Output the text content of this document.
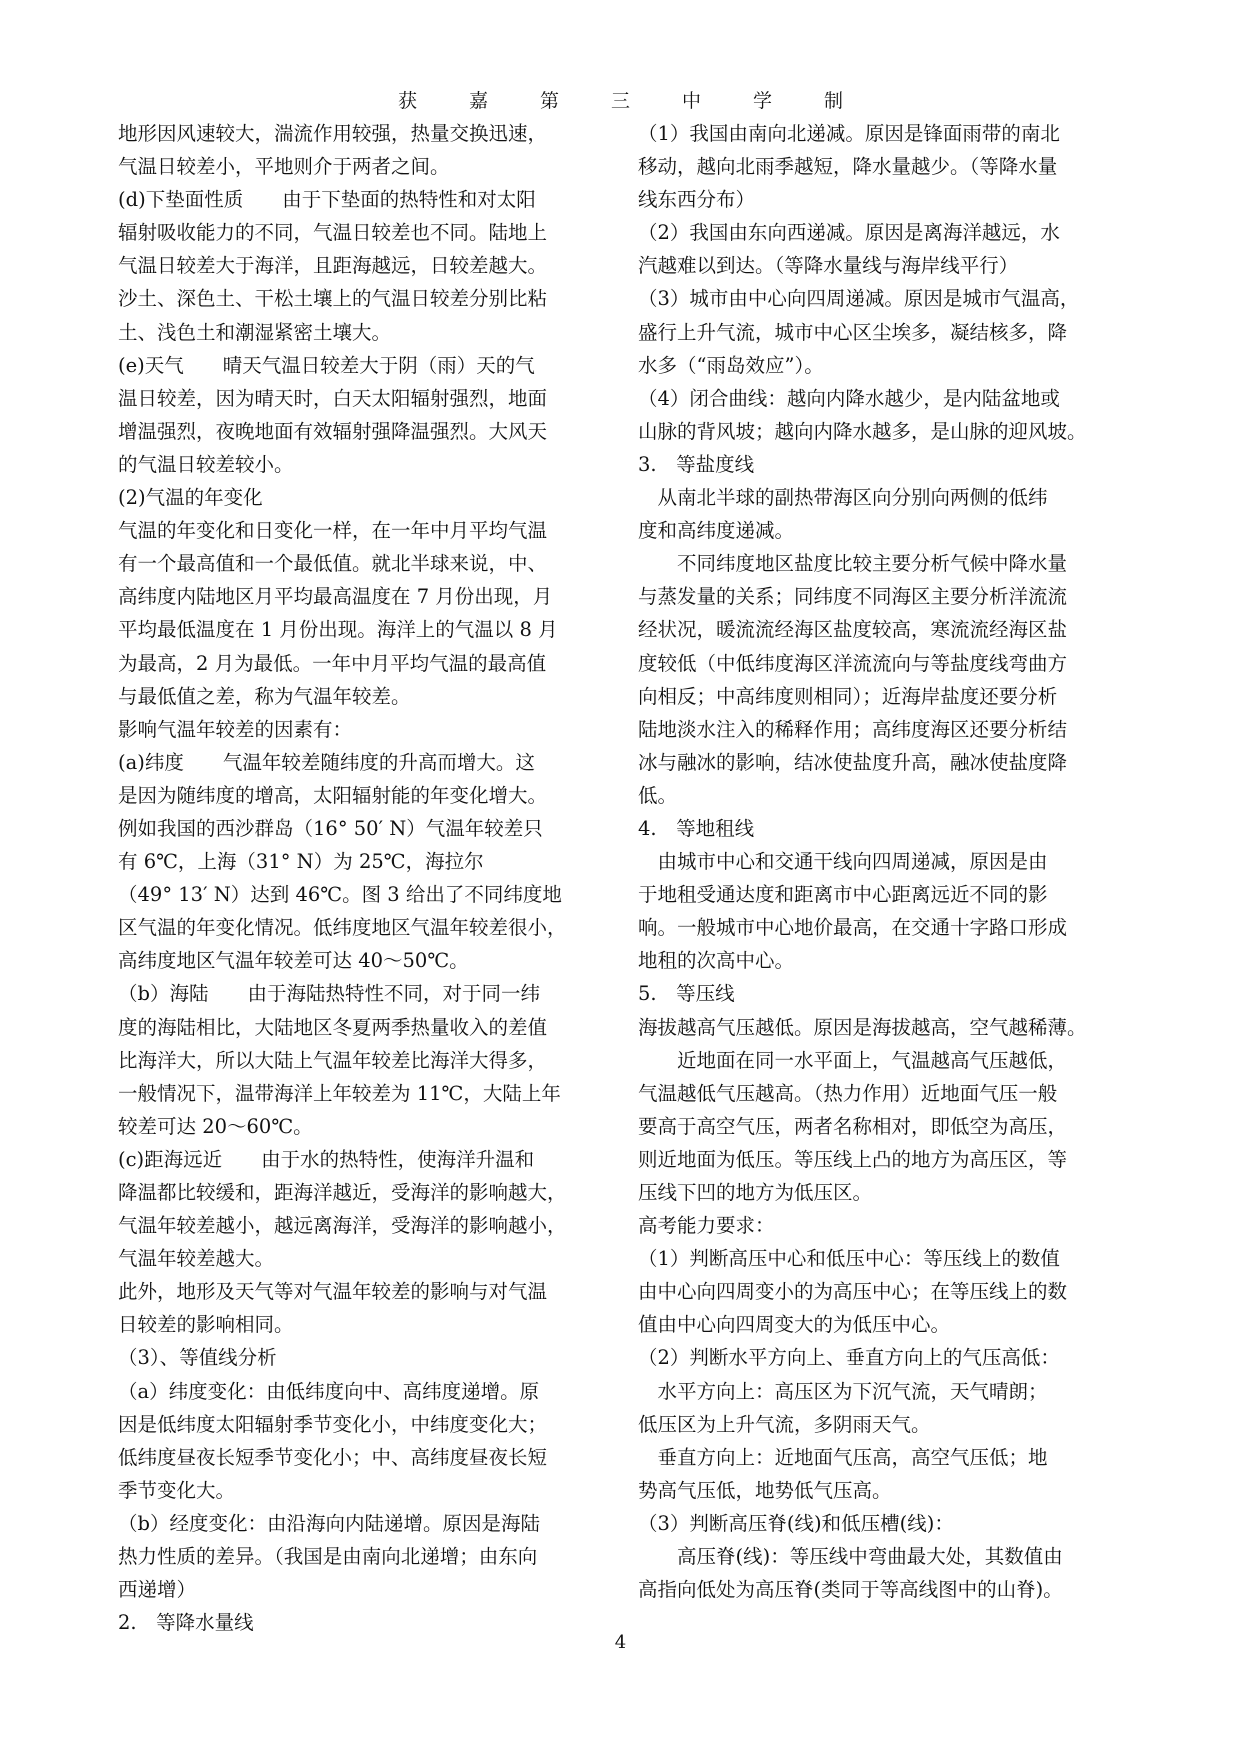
获嘉第三中学制

地形因风速较大，湍流作用较强，热量交换迅速，

气温日较差小，平地则介于两者之间。

(d)下垫面性质　　由于下垫面的热特性和对太阳

辐射吸收能力的不同，气温日较差也不同。陆地上

气温日较差大于海洋，且距海越远，日较差越大。

沙土、深色土、干松土壤上的气温日较差分别比粘

土、浅色土和潮湿紧密土壤大。

(e)天气　　晴天气温日较差大于阴（雨）天的气

温日较差，因为晴天时，白天太阳辐射强烈，地面

增温强烈，夜晚地面有效辐射强降温强烈。大风天

的气温日较差较小。

(2)气温的年变化

气温的年变化和日变化一样，在一年中月平均气温

有一个最高值和一个最低值。就北半球来说，中、

高纬度内陆地区月平均最高温度在 7 月份出现，月

平均最低温度在 1 月份出现。海洋上的气温以 8 月

为最高，2 月为最低。一年中月平均气温的最高值

与最低值之差，称为气温年较差。

影响气温年较差的因素有：

(a)纬度　　气温年较差随纬度的升高而增大。这

是因为随纬度的增高，太阳辐射能的年变化增大。

例如我国的西沙群岛（16° 50′ N）气温年较差只

有 6℃，上海（31° N）为 25℃，海拉尔

（49° 13′ N）达到 46℃。图 3 给出了不同纬度地

区气温的年变化情况。低纬度地区气温年较差很小，

高纬度地区气温年较差可达 40～50℃。

（b）海陆　　由于海陆热特性不同，对于同一纬

度的海陆相比，大陆地区冬夏两季热量收入的差值

比海洋大，所以大陆上气温年较差比海洋大得多，

一般情况下，温带海洋上年较差为 11℃，大陆上年

较差可达 20～60℃。

(c)距海远近　　由于水的热特性，使海洋升温和

降温都比较缓和，距海洋越近，受海洋的影响越大，

气温年较差越小，越远离海洋，受海洋的影响越小，

气温年较差越大。

此外，地形及天气等对气温年较差的影响与对气温

日较差的影响相同。

（3）、等值线分析

（a）纬度变化：由低纬度向中、高纬度递增。原

因是低纬度太阳辐射季节变化小，中纬度变化大；

低纬度昼夜长短季节变化小；中、高纬度昼夜长短

季节变化大。

（b）经度变化：由沿海向内陆递增。原因是海陆

热力性质的差异。（我国是由南向北递增；由东向

西递增）

2.　等降水量线

（1）我国由南向北递减。原因是锋面雨带的南北

移动，越向北雨季越短，降水量越少。（等降水量

线东西分布）

（2）我国由东向西递减。原因是离海洋越远，水

汽越难以到达。（等降水量线与海岸线平行）

（3）城市由中心向四周递减。原因是城市气温高，

盛行上升气流，城市中心区尘埃多，凝结核多，降

水多（“雨岛效应”）。

（4）闭合曲线：越向内降水越少，是内陆盆地或

山脉的背风坡；越向内降水越多，是山脉的迎风坡。

3.　等盐度线

　从南北半球的副热带海区向分别向两侧的低纬

度和高纬度递减。

　　不同纬度地区盐度比较主要分析气候中降水量

与蒸发量的关系；同纬度不同海区主要分析洋流流

经状况，暖流流经海区盐度较高，寒流流经海区盐

度较低（中低纬度海区洋流流向与等盐度线弯曲方

向相反；中高纬度则相同）；近海岸盐度还要分析

陆地淡水注入的稀释作用；高纬度海区还要分析结

冰与融冰的影响，结冰使盐度升高，融冰使盐度降

低。

4.　等地租线

　由城市中心和交通干线向四周递减，原因是由

于地租受通达度和距离市中心距离远近不同的影

响。一般城市中心地价最高，在交通十字路口形成

地租的次高中心。

5.　等压线

海拔越高气压越低。原因是海拔越高，空气越稀薄。

　　近地面在同一水平面上，气温越高气压越低，

气温越低气压越高。（热力作用）近地面气压一般

要高于高空气压，两者名称相对，即低空为高压，

则近地面为低压。等压线上凸的地方为高压区，等

压线下凹的地方为低压区。

高考能力要求：

（1）判断高压中心和低压中心：等压线上的数值

由中心向四周变小的为高压中心；在等压线上的数

值由中心向四周变大的为低压中心。

（2）判断水平方向上、垂直方向上的气压高低：

　水平方向上：高压区为下沉气流，天气晴朗；

低压区为上升气流，多阴雨天气。

　垂直方向上：近地面气压高，高空气压低；地

势高气压低，地势低气压高。

（3）判断高压脊(线)和低压槽(线)：

　　高压脊(线)：等压线中弯曲最大处，其数值由

高指向低处为高压脊(类同于等高线图中的山脊)。

4
